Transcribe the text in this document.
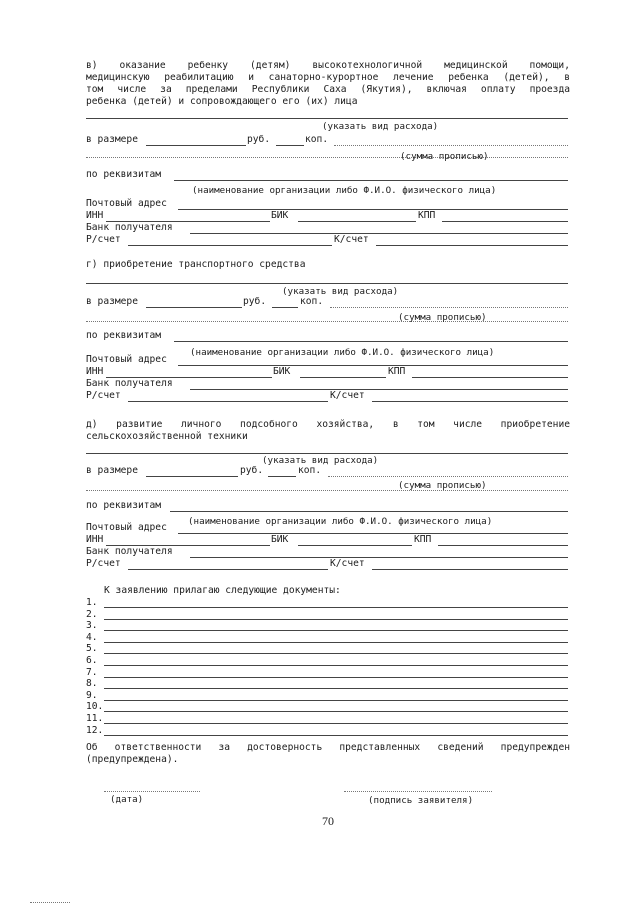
в) оказание ребенку (детям) высокотехнологичной медицинской помощи,
медицинскую реабилитацию и санаторно-курортное лечение ребенка (детей), в
том числе за пределами Республики Саха (Якутия), включая оплату проезда
ребенка (детей) и сопровождающего его (их) лица
(указать вид расхода)
в размере	руб.	коп.
(сумма прописью)
по реквизитам
(наименование организации либо Ф.И.О. физического лица)
Почтовый адрес
ИНН	БИК	КПП
Банк получателя
Р/счет	К/счет
г) приобретение транспортного средства
(указать вид расхода)
в размере	руб.	коп.
(сумма прописью)
по реквизитам
(наименование организации либо Ф.И.О. физического лица)
Почтовый адрес
ИНН	БИК	КПП
Банк получателя
Р/счет	К/счет
д) развитие личного подсобного хозяйства, в том числе приобретение
сельскохозяйственной техники
(указать вид расхода)
в размере	руб.	коп.
(сумма прописью)
по реквизитам
(наименование организации либо Ф.И.О. физического лица)
Почтовый адрес
ИНН	БИК	КПП
Банк получателя
Р/счет	К/счет
К заявлению прилагаю следующие документы:
1.
2.
3.
4.
5.
6.
7.
8.
9.
10.
11.
12.
Об ответственности за достоверность представленных сведений предупрежден
(предупреждена).
(дата)	(подпись заявителя)
70
